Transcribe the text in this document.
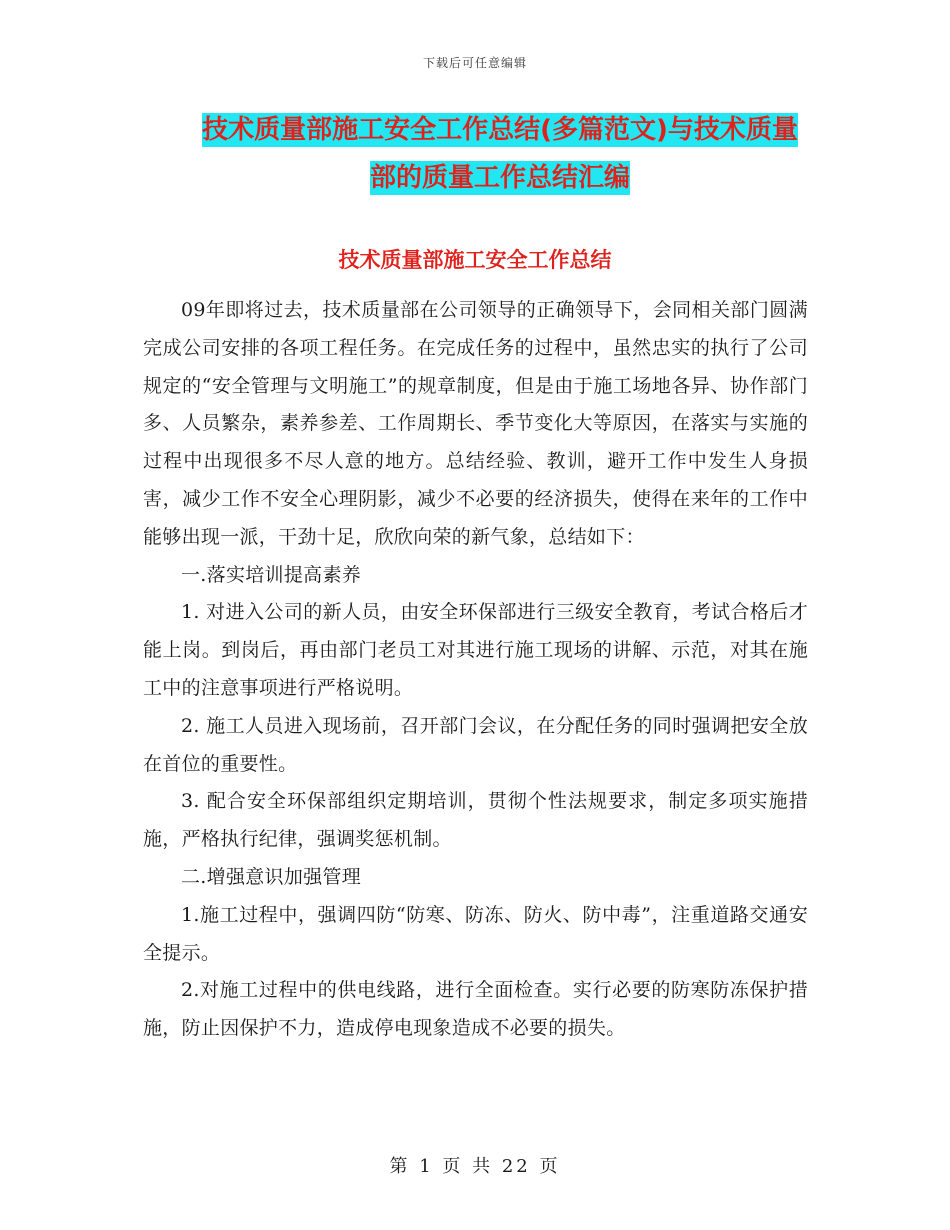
下载后可任意编辑
技术质量部施工安全工作总结(多篇范文)与技术质量
部的质量工作总结汇编
技术质量部施工安全工作总结

09年即将过去，技术质量部在公司领导的正确领导下，会同相关部门圆满完成公司安排的各项工程任务。在完成任务的过程中，虽然忠实的执行了公司规定的“安全管理与文明施工”的规章制度，但是由于施工场地各异、协作部门多、人员繁杂，素养参差、工作周期长、季节变化大等原因，在落实与实施的过程中出现很多不尽人意的地方。总结经验、教训，避开工作中发生人身损害，减少工作不安全心理阴影，减少不必要的经济损失，使得在来年的工作中能够出现一派，干劲十足，欣欣向荣的新气象，总结如下：

一.落实培训提高素养

1. 对进入公司的新人员，由安全环保部进行三级安全教育，考试合格后才能上岗。到岗后，再由部门老员工对其进行施工现场的讲解、示范，对其在施工中的注意事项进行严格说明。

2. 施工人员进入现场前，召开部门会议，在分配任务的同时强调把安全放在首位的重要性。

3. 配合安全环保部组织定期培训，贯彻个性法规要求，制定多项实施措施，严格执行纪律，强调奖惩机制。

二.增强意识加强管理

1.施工过程中，强调四防“防寒、防冻、防火、防中毒”，注重道路交通安全提示。

2.对施工过程中的供电线路，进行全面检查。实行必要的防寒防冻保护措施，防止因保护不力，造成停电现象造成不必要的损失。

第 1 页 共 22 页
